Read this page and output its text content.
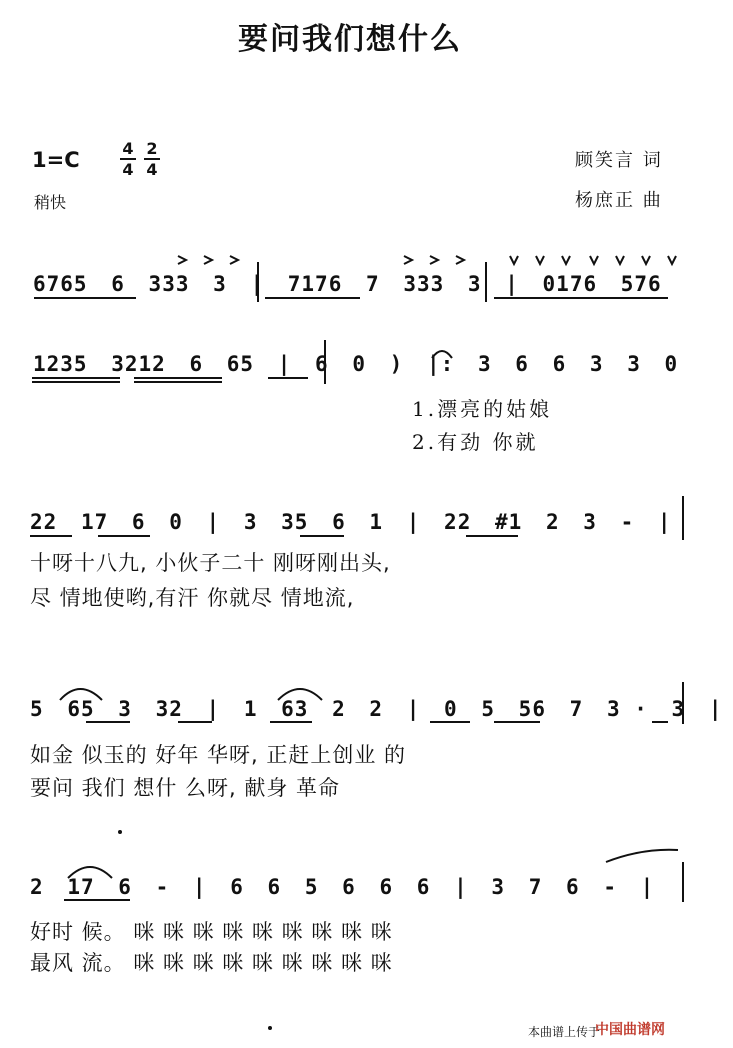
要问我们想什么
1=C	4
4
2
4
稍快
顾笑言 词
杨庶正 曲
6765 6 333 3 | 7176 7 333 3 | 0176 576
1235 3212 6 65 | 6 0 ) |: 3 6 6 3 3 0
1.漂亮的姑娘
2.有劲 你就
22 17 6 0 | 3 35 6 1 | 22 #1 2 3 - |
十呀十八九, 小伙子二十 刚呀刚出头,
尽 情地使哟,有汗 你就尽 情地流,
5 65 3 32 | 1 63 2 2 | 0 5 56 7 3 · 3 |
如金 似玉的 好年 华呀, 正赶上创业 的
要问 我们 想什 么呀, 献身 革命
2 17 6 - | 6 6 5 6 6 6 | 3 7 6 - |
好时 候。 咪 咪 咪 咪 咪 咪 咪 咪 咪
最风 流。 咪 咪 咪 咪 咪 咪 咪 咪 咪
本曲谱上传于
中国曲谱网
